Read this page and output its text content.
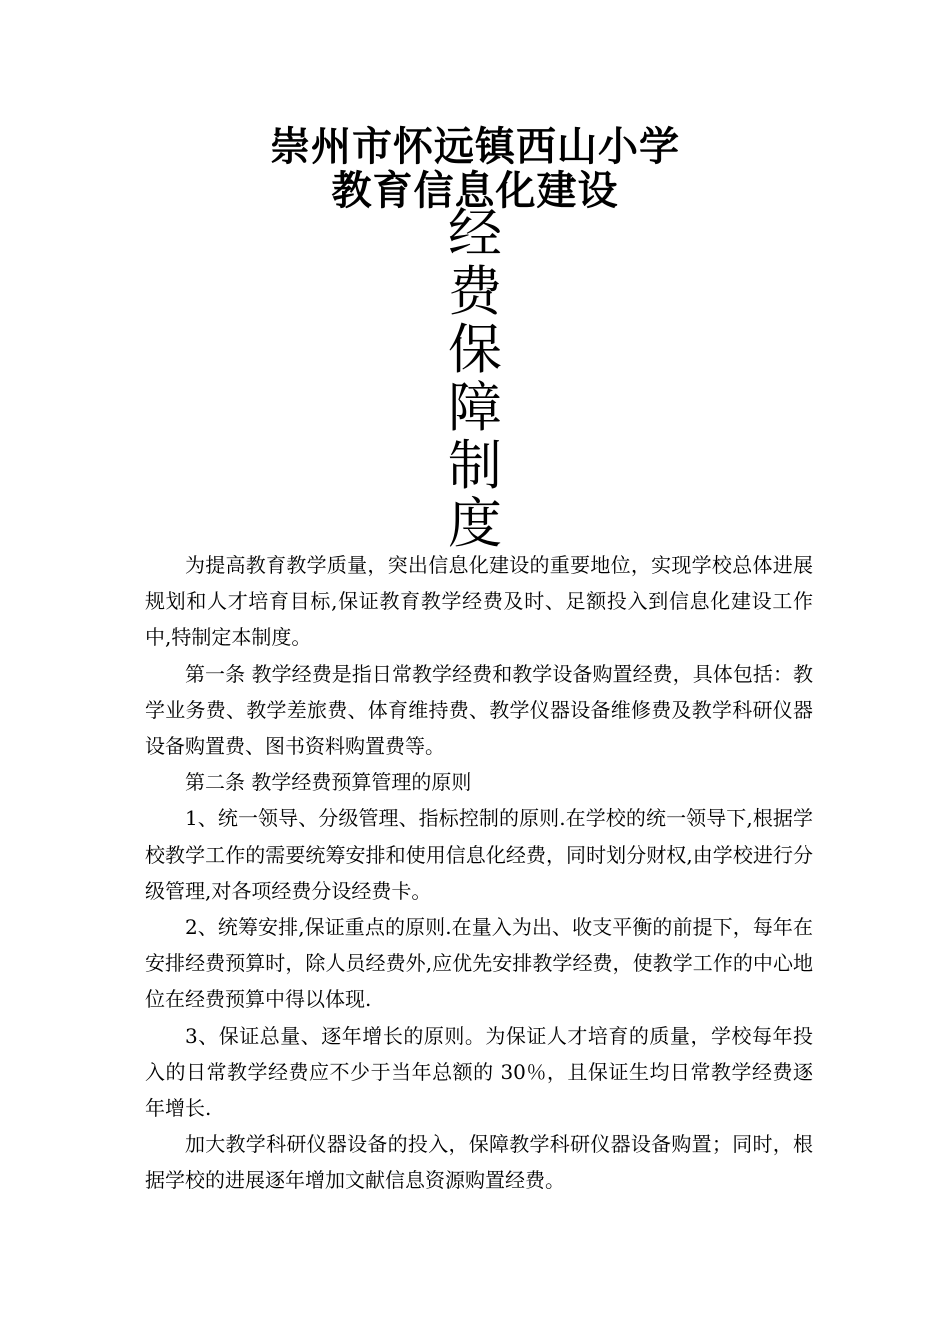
崇州市怀远镇西山小学
教育信息化建设
经
费
保
障
制
度

为提高教育教学质量，突出信息化建设的重要地位，实现学校总体进展规划和人才培育目标,保证教育教学经费及时、足额投入到信息化建设工作中,特制定本制度。

第一条 教学经费是指日常教学经费和教学设备购置经费，具体包括：教学业务费、教学差旅费、体育维持费、教学仪器设备维修费及教学科研仪器设备购置费、图书资料购置费等。

第二条 教学经费预算管理的原则

1、统一领导、分级管理、指标控制的原则.在学校的统一领导下,根据学校教学工作的需要统筹安排和使用信息化经费，同时划分财权,由学校进行分级管理,对各项经费分设经费卡。

2、统筹安排,保证重点的原则.在量入为出、收支平衡的前提下，每年在安排经费预算时，除人员经费外,应优先安排教学经费，使教学工作的中心地位在经费预算中得以体现.

3、保证总量、逐年增长的原则。为保证人才培育的质量，学校每年投入的日常教学经费应不少于当年总额的 30％，且保证生均日常教学经费逐年增长.

加大教学科研仪器设备的投入，保障教学科研仪器设备购置；同时，根据学校的进展逐年增加文献信息资源购置经费。
